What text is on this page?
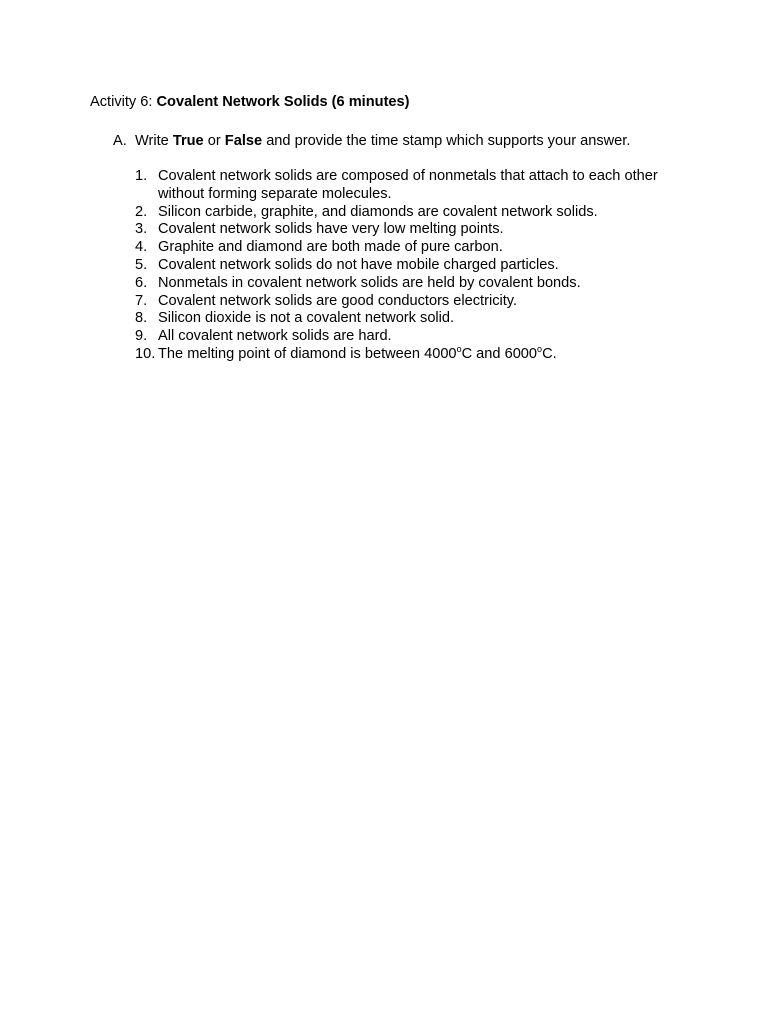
Activity 6: Covalent Network Solids (6 minutes)
A. Write True or False and provide the time stamp which supports your answer.
1. Covalent network solids are composed of nonmetals that attach to each other without forming separate molecules.
2. Silicon carbide, graphite, and diamonds are covalent network solids.
3. Covalent network solids have very low melting points.
4. Graphite and diamond are both made of pure carbon.
5. Covalent network solids do not have mobile charged particles.
6. Nonmetals in covalent network solids are held by covalent bonds.
7. Covalent network solids are good conductors electricity.
8. Silicon dioxide is not a covalent network solid.
9. All covalent network solids are hard.
10. The melting point of diamond is between 4000$^o$C and 6000$^o$C.
